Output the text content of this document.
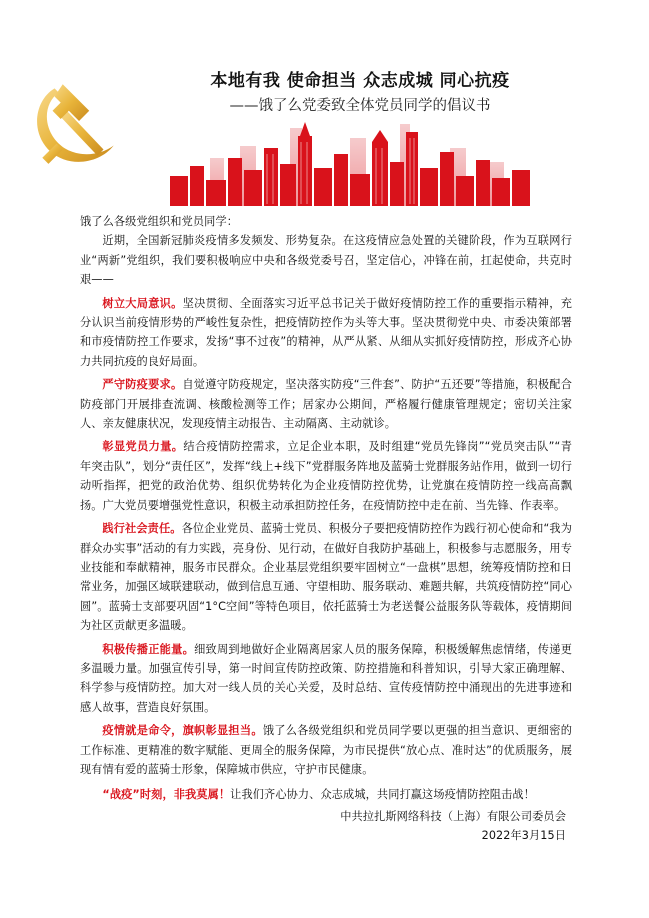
本地有我 使命担当 众志成城 同心抗疫
——饿了么党委致全体党员同学的倡议书

饿了么各级党组织和党员同学：

近期，全国新冠肺炎疫情多发频发、形势复杂。在这疫情应急处置的关键阶段，作为互联网行业“两新”党组织，我们要积极响应中央和各级党委号召，坚定信心，冲锋在前，扛起使命，共克时艰——

树立大局意识。坚决贯彻、全面落实习近平总书记关于做好疫情防控工作的重要指示精神，充分认识当前疫情形势的严峻性复杂性，把疫情防控作为头等大事。坚决贯彻党中央、市委决策部署和市疫情防控工作要求，发扬“事不过夜”的精神，从严从紧、从细从实抓好疫情防控，形成齐心协力共同抗疫的良好局面。

严守防疫要求。自觉遵守防疫规定，坚决落实防疫“三件套”、防护“五还要”等措施，积极配合防疫部门开展排查流调、核酸检测等工作；居家办公期间，严格履行健康管理规定；密切关注家人、亲友健康状况，发现疫情主动报告、主动隔离、主动就诊。

彰显党员力量。结合疫情防控需求，立足企业本职，及时组建“党员先锋岗”“党员突击队”“青年突击队”，划分“责任区”，发挥“线上+线下”党群服务阵地及蓝骑士党群服务站作用，做到一切行动听指挥，把党的政治优势、组织优势转化为企业疫情防控优势，让党旗在疫情防控一线高高飘扬。广大党员要增强党性意识，积极主动承担防控任务，在疫情防控中走在前、当先锋、作表率。

践行社会责任。各位企业党员、蓝骑士党员、积极分子要把疫情防控作为践行初心使命和“我为群众办实事”活动的有力实践，亮身份、见行动，在做好自我防护基础上，积极参与志愿服务，用专业技能和奉献精神，服务市民群众。企业基层党组织要牢固树立“一盘棋”思想，统筹疫情防控和日常业务，加强区域联建联动，做到信息互通、守望相助、服务联动、难题共解，共筑疫情防控“同心圆”。蓝骑士支部要巩固“1°C空间”等特色项目，依托蓝骑士为老送餐公益服务队等载体，疫情期间为社区贡献更多温暖。

积极传播正能量。细致周到地做好企业隔离居家人员的服务保障，积极缓解焦虑情绪，传递更多温暖力量。加强宣传引导，第一时间宣传防控政策、防控措施和科普知识，引导大家正确理解、科学参与疫情防控。加大对一线人员的关心关爱，及时总结、宣传疫情防控中涌现出的先进事迹和感人故事，营造良好氛围。

疫情就是命令，旗帜彰显担当。饿了么各级党组织和党员同学要以更强的担当意识、更细密的工作标准、更精准的数字赋能、更周全的服务保障，为市民提供“放心点、准时达”的优质服务，展现有情有爱的蓝骑士形象，保障城市供应，守护市民健康。

“战疫”时刻，非我莫属！让我们齐心协力、众志成城，共同打赢这场疫情防控阻击战！

中共拉扎斯网络科技（上海）有限公司委员会

2022年3月15日
